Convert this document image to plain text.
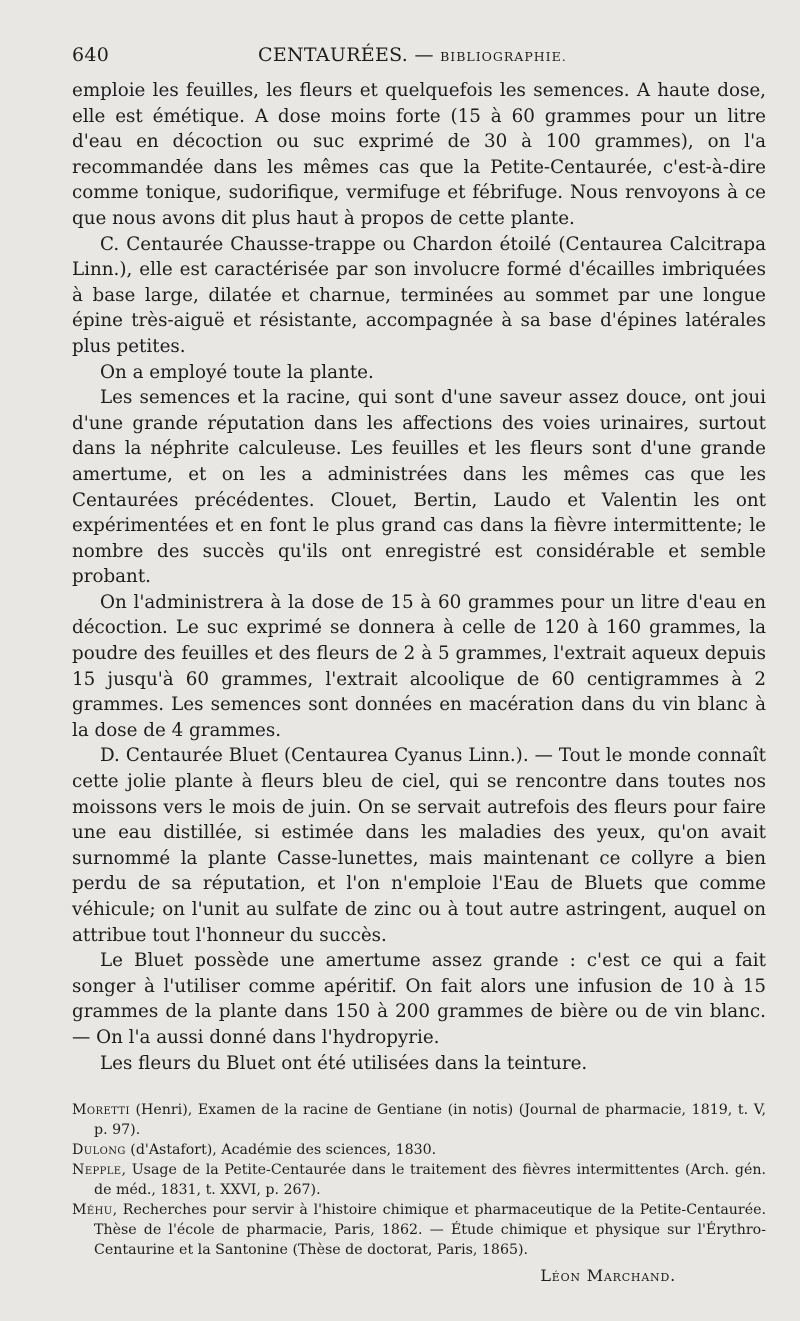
640	CENTAURÉES. — BIBLIOGRAPHIE.

emploie les feuilles, les fleurs et quelquefois les semences. A haute dose, elle est émétique. A dose moins forte (15 à 60 grammes pour un litre d'eau en décoction ou suc exprimé de 30 à 100 grammes), on l'a recommandée dans les mêmes cas que la Petite-Centaurée, c'est-à-dire comme tonique, sudorifique, vermifuge et fébrifuge. Nous renvoyons à ce que nous avons dit plus haut à propos de cette plante.

C. Centaurée Chausse-trappe ou Chardon étoilé (Centaurea Calcitrapa Linn.), elle est caractérisée par son involucre formé d'écailles imbriquées à base large, dilatée et charnue, terminées au sommet par une longue épine très-aiguë et résistante, accompagnée à sa base d'épines latérales plus petites.

On a employé toute la plante.

Les semences et la racine, qui sont d'une saveur assez douce, ont joui d'une grande réputation dans les affections des voies urinaires, surtout dans la néphrite calculeuse. Les feuilles et les fleurs sont d'une grande amertume, et on les a administrées dans les mêmes cas que les Centaurées précédentes. Clouet, Bertin, Laudo et Valentin les ont expérimentées et en font le plus grand cas dans la fièvre intermittente; le nombre des succès qu'ils ont enregistré est considérable et semble probant.

On l'administrera à la dose de 15 à 60 grammes pour un litre d'eau en décoction. Le suc exprimé se donnera à celle de 120 à 160 grammes, la poudre des feuilles et des fleurs de 2 à 5 grammes, l'extrait aqueux depuis 15 jusqu'à 60 grammes, l'extrait alcoolique de 60 centigrammes à 2 grammes. Les semences sont données en macération dans du vin blanc à la dose de 4 grammes.

D. Centaurée Bluet (Centaurea Cyanus Linn.). — Tout le monde connaît cette jolie plante à fleurs bleu de ciel, qui se rencontre dans toutes nos moissons vers le mois de juin. On se servait autrefois des fleurs pour faire une eau distillée, si estimée dans les maladies des yeux, qu'on avait surnommé la plante Casse-lunettes, mais maintenant ce collyre a bien perdu de sa réputation, et l'on n'emploie l'Eau de Bluets que comme véhicule; on l'unit au sulfate de zinc ou à tout autre astringent, auquel on attribue tout l'honneur du succès.

Le Bluet possède une amertume assez grande : c'est ce qui a fait songer à l'utiliser comme apéritif. On fait alors une infusion de 10 à 15 grammes de la plante dans 150 à 200 grammes de bière ou de vin blanc. — On l'a aussi donné dans l'hydropyrie.

Les fleurs du Bluet ont été utilisées dans la teinture.

Moretti (Henri), Examen de la racine de Gentiane (in notis) (Journal de pharmacie, 1819, t. V, p. 97).

Dulong (d'Astafort), Académie des sciences, 1830.

Nepple, Usage de la Petite-Centaurée dans le traitement des fièvres intermittentes (Arch. gén. de méd., 1831, t. XXVI, p. 267).

Méhu, Recherches pour servir à l'histoire chimique et pharmaceutique de la Petite-Centaurée. Thèse de l'école de pharmacie, Paris, 1862. — Étude chimique et physique sur l'Érythro-Centaurine et la Santonine (Thèse de doctorat, Paris, 1865).

Léon Marchand.
